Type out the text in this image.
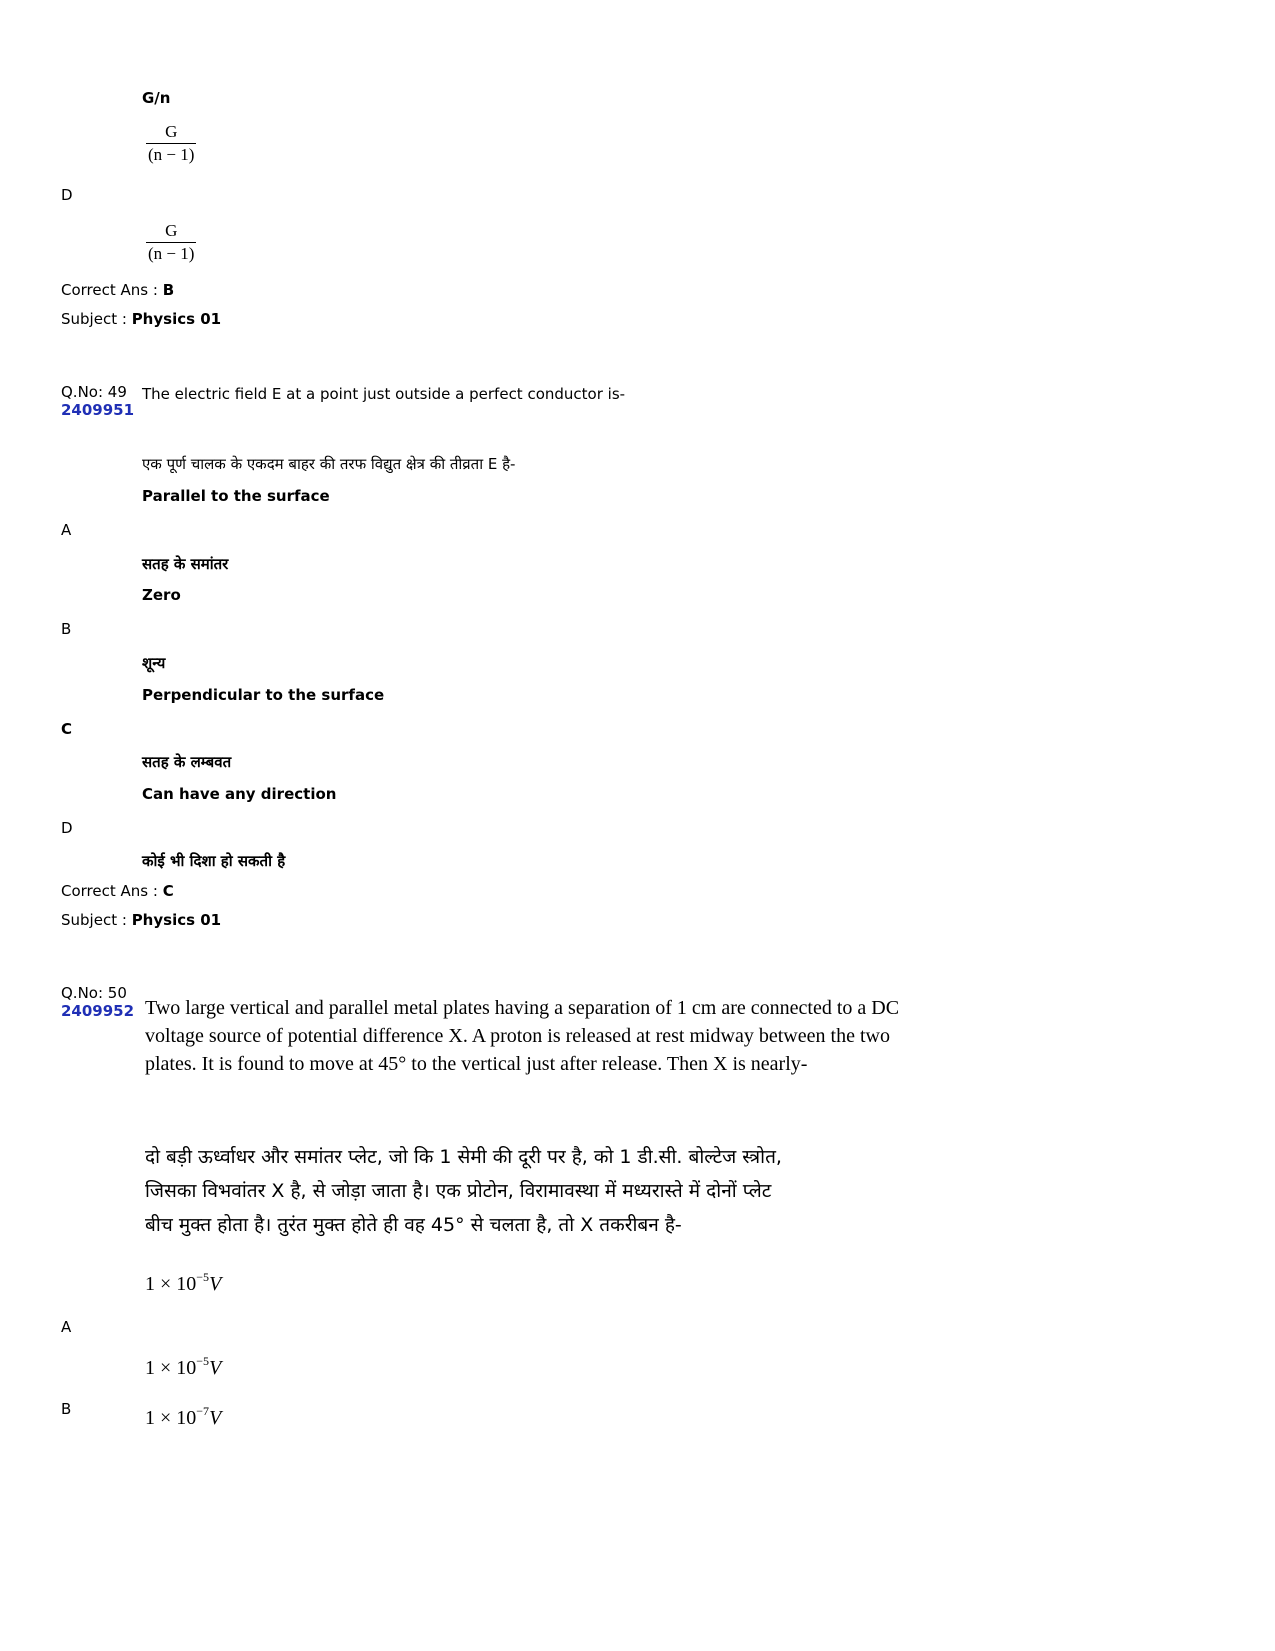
G/n
G
(n − 1)
D
G
(n − 1)
Correct Ans : B
Subject : Physics 01
Q.No: 49
2409951
The electric field E at a point just outside a perfect conductor is-
एक पूर्ण चालक के एकदम बाहर की तरफ विद्युत क्षेत्र की तीव्रता E है-
Parallel to the surface
A
सतह के समांतर
Zero
B
शून्य
Perpendicular to the surface
C
सतह के लम्बवत
Can have any direction
D
कोई भी दिशा हो सकती है
Correct Ans : C
Subject : Physics 01
Q.No: 50
2409952 Two large vertical and parallel metal plates having a separation of 1 cm are connected to a DC
voltage source of potential difference X. A proton is released at rest midway between the two
plates. It is found to move at 45° to the vertical just after release. Then X is nearly-
दो बड़ी ऊर्ध्वाधर और समांतर प्लेट, जो कि 1 सेमी की दूरी पर है, को 1 डी.सी. बोल्टेज स्त्रोत,
जिसका विभवांतर X है, से जोड़ा जाता है। एक प्रोटोन, विरामावस्था में मध्यरास्ते में दोनों प्लेट
बीच मुक्त होता है। तुरंत मुक्त होते ही वह 45° से चलता है, तो X तकरीबन है-
$1 \times 10^{-5}V$
A
$1 \times 10^{-5}V$
B	$1 \times 10^{-7}V$
